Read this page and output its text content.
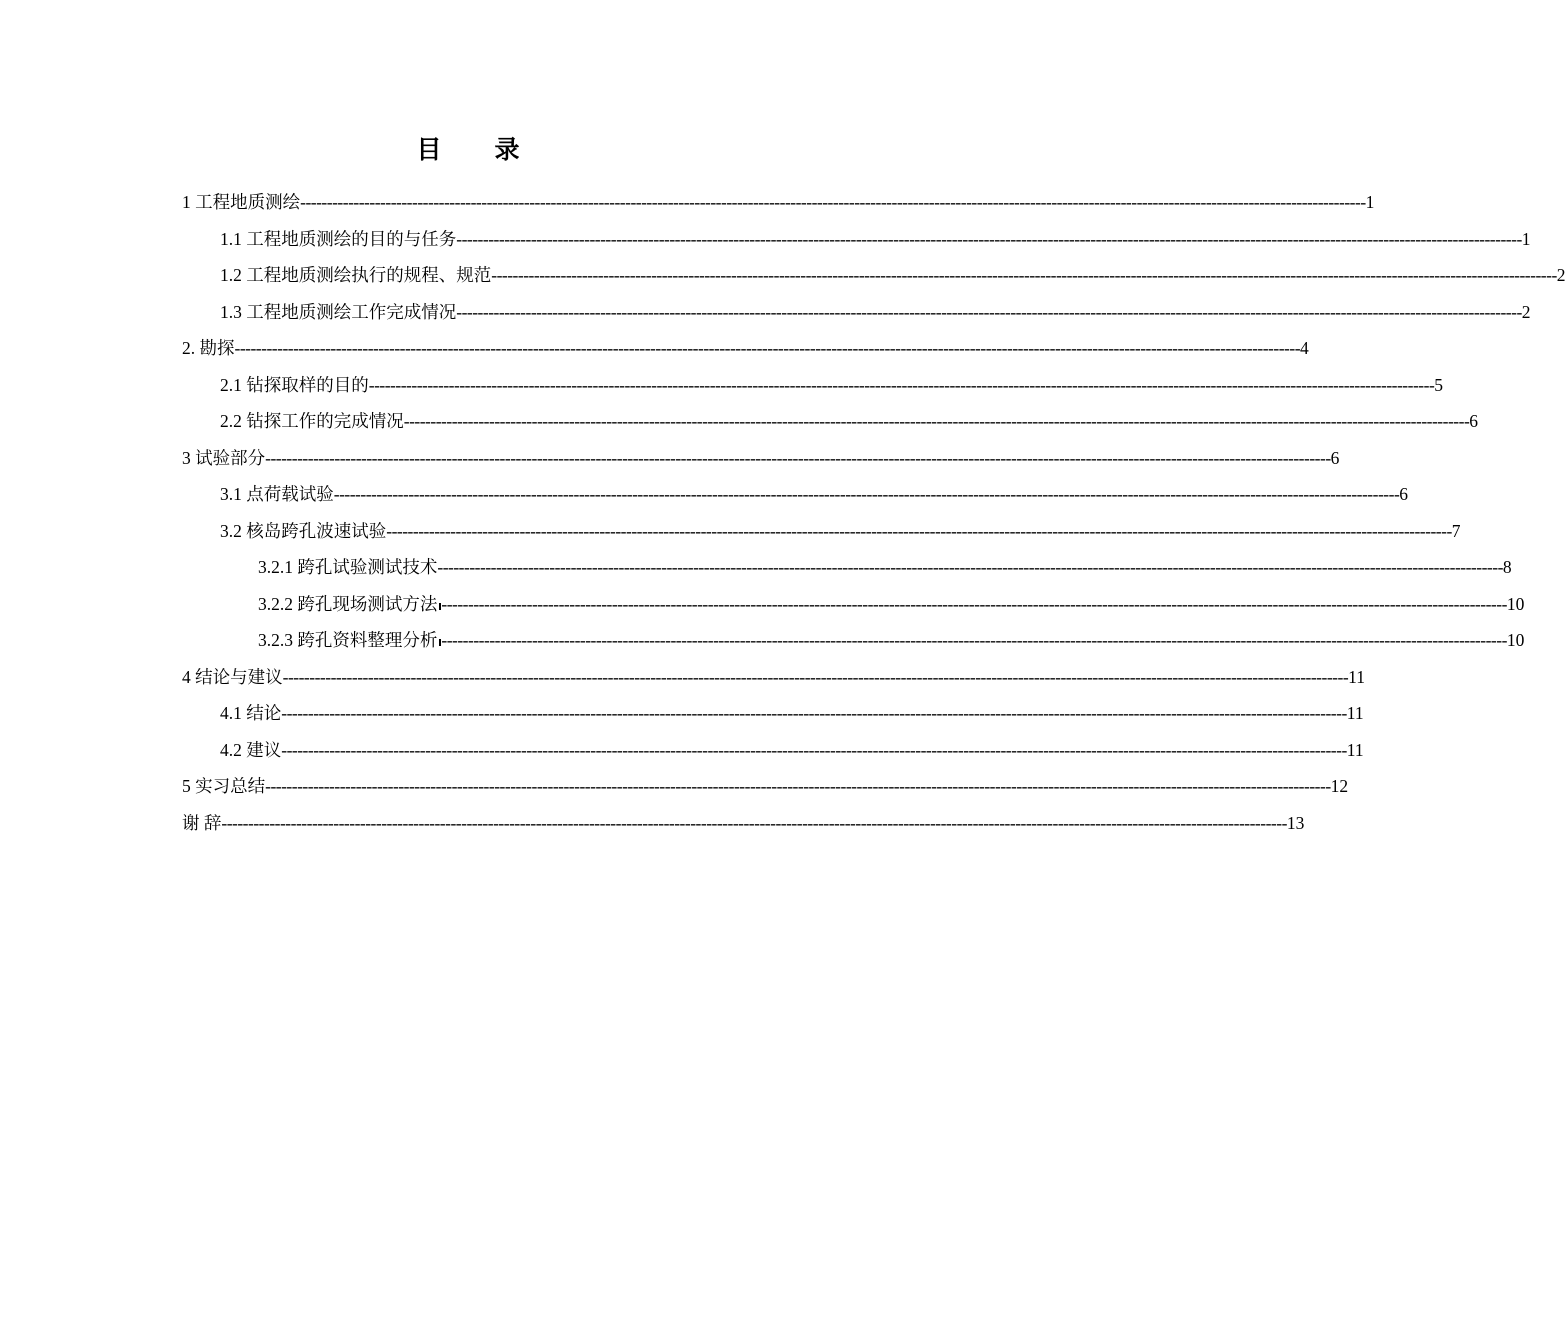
目　录
1 工程地质测绘 -------------------------------------------------------------------------------------------------------------------------------------------------------------------------------------------------------- 1
1.1 工程地质测绘的目的与任务 -------------------------------------------------------------------------------------------------------------------------------------------------------------------------------------------------------- 1
1.2 工程地质测绘执行的规程、规范 -------------------------------------------------------------------------------------------------------------------------------------------------------------------------------------------------------- 2
1.3 工程地质测绘工作完成情况 -------------------------------------------------------------------------------------------------------------------------------------------------------------------------------------------------------- 2
2. 勘探 -------------------------------------------------------------------------------------------------------------------------------------------------------------------------------------------------------- 4
2.1 钻探取样的目的 -------------------------------------------------------------------------------------------------------------------------------------------------------------------------------------------------------- 5
2.2 钻探工作的完成情况 -------------------------------------------------------------------------------------------------------------------------------------------------------------------------------------------------------- 6
3 试验部分 -------------------------------------------------------------------------------------------------------------------------------------------------------------------------------------------------------- 6
3.1 点荷载试验 -------------------------------------------------------------------------------------------------------------------------------------------------------------------------------------------------------- 6
3.2 核岛跨孔波速试验 -------------------------------------------------------------------------------------------------------------------------------------------------------------------------------------------------------- 7
3.2.1 跨孔试验测试技术 -------------------------------------------------------------------------------------------------------------------------------------------------------------------------------------------------------- 8
3.2.2 跨孔现场测试方法 -------------------------------------------------------------------------------------------------------------------------------------------------------------------------------------------------------- 10
3.2.3 跨孔资料整理分析 -------------------------------------------------------------------------------------------------------------------------------------------------------------------------------------------------------- 10
4 结论与建议 -------------------------------------------------------------------------------------------------------------------------------------------------------------------------------------------------------- 11
4.1 结论 -------------------------------------------------------------------------------------------------------------------------------------------------------------------------------------------------------- 11
4.2 建议 -------------------------------------------------------------------------------------------------------------------------------------------------------------------------------------------------------- 11
5 实习总结 -------------------------------------------------------------------------------------------------------------------------------------------------------------------------------------------------------- 12
谢 辞 -------------------------------------------------------------------------------------------------------------------------------------------------------------------------------------------------------- 13
